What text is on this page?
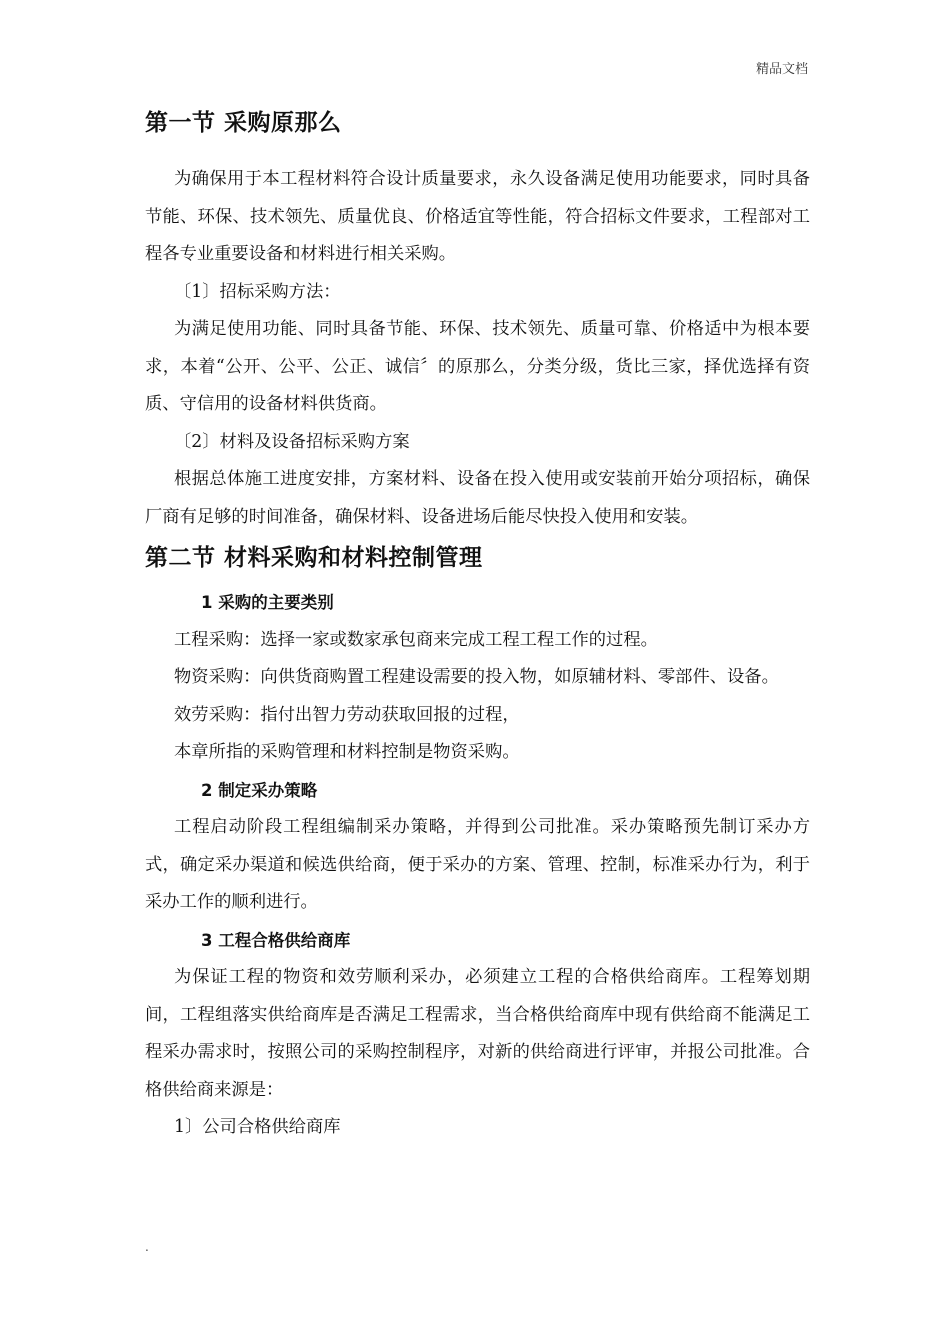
精品文档
第一节 采购原那么

为确保用于本工程材料符合设计质量要求，永久设备满足使用功能要求，同时具备节能、环保、技术领先、质量优良、价格适宜等性能，符合招标文件要求，工程部对工程各专业重要设备和材料进行相关采购。

〔1〕招标采购方法：

为满足使用功能、同时具备节能、环保、技术领先、质量可靠、价格适中为根本要求，本着“公开、公平、公正、诚信〞的原那么，分类分级，货比三家，择优选择有资质、守信用的设备材料供货商。

〔2〕材料及设备招标采购方案

根据总体施工进度安排，方案材料、设备在投入使用或安装前开始分项招标，确保厂商有足够的时间准备，确保材料、设备进场后能尽快投入使用和安装。

第二节 材料采购和材料控制管理
1 采购的主要类别

工程采购：选择一家或数家承包商来完成工程工程工作的过程。

物资采购：向供货商购置工程建设需要的投入物，如原辅材料、零部件、设备。

效劳采购：指付出智力劳动获取回报的过程，

本章所指的采购管理和材料控制是物资采购。

2 制定采办策略

工程启动阶段工程组编制采办策略，并得到公司批准。采办策略预先制订采办方式，确定采办渠道和候选供给商，便于采办的方案、管理、控制，标准采办行为，利于采办工作的顺利进行。

3 工程合格供给商库

为保证工程的物资和效劳顺利采办，必须建立工程的合格供给商库。工程筹划期间，工程组落实供给商库是否满足工程需求，当合格供给商库中现有供给商不能满足工程采办需求时，按照公司的采购控制程序，对新的供给商进行评审，并报公司批准。合格供给商来源是：

1〕公司合格供给商库

.
